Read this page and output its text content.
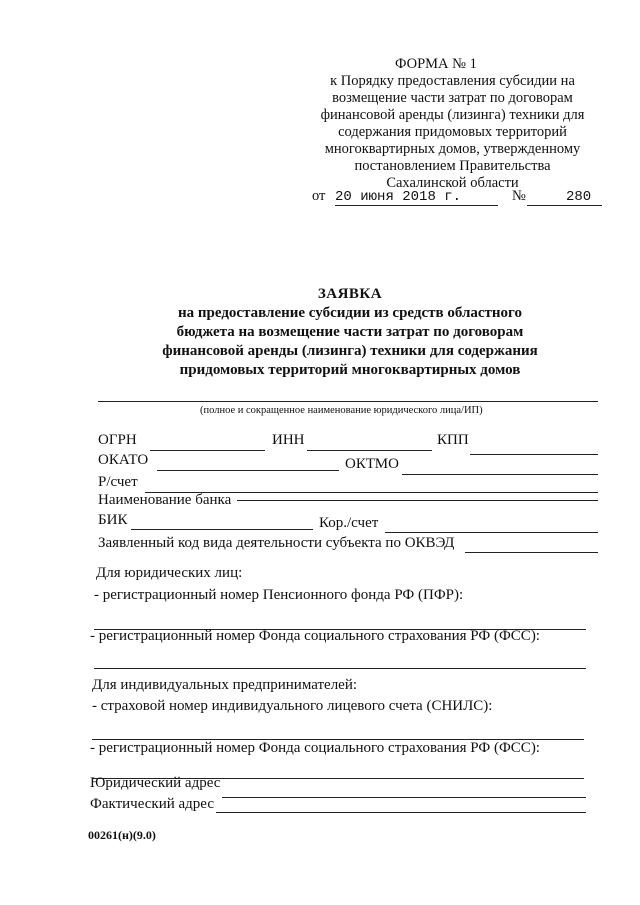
ФОРМА № 1
к Порядку предоставления субсидии на
возмещение части затрат по договорам
финансовой аренды (лизинга) техники для
содержания придомовых территорий
многоквартирных домов, утвержденному
постановлением Правительства
Сахалинской области
от 20 июня 2018 г.	№	280
ЗАЯВКА
на предоставление субсидии из средств областного
бюджета на возмещение части затрат по договорам
финансовой аренды (лизинга) техники для содержания
придомовых территорий многоквартирных домов
(полное и сокращенное наименование юридического лица/ИП)
ОГРН	ИНН	КПП
ОКАТО	ОКТМО
Р/счет
Наименование банка
БИК	Кор./счет
Заявленный код вида деятельности субъекта по ОКВЭД
Для юридических лиц:
- регистрационный номер Пенсионного фонда РФ (ПФР):
- регистрационный номер Фонда социального страхования РФ (ФСС):
Для индивидуальных предпринимателей:
- страховой номер индивидуального лицевого счета (СНИЛС):
- регистрационный номер Фонда социального страхования РФ (ФСС):
Юридический адрес
Фактический адрес
00261(н)(9.0)
